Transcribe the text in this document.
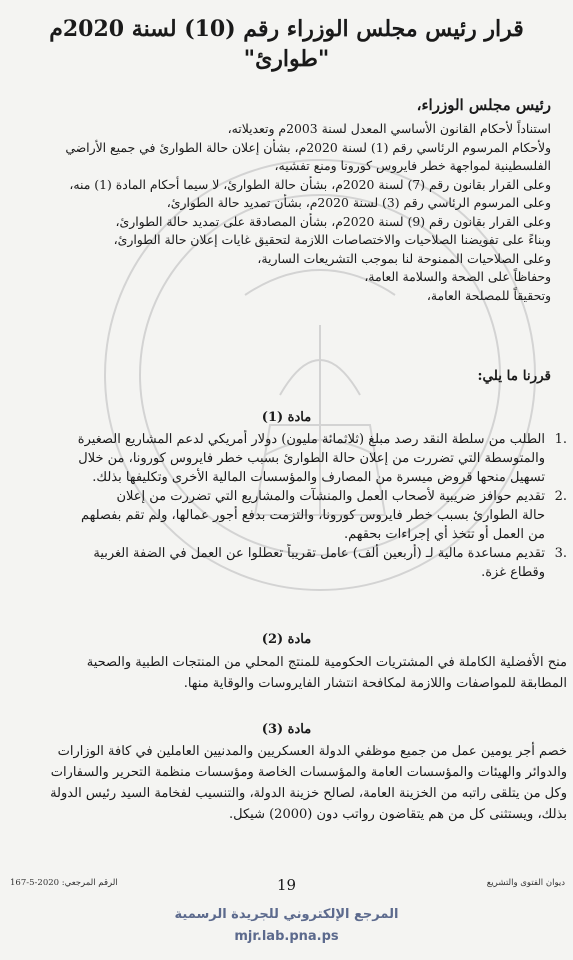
قرار رئيس مجلس الوزراء رقم (10) لسنة 2020م
"طوارئ"
رئيس مجلس الوزراء،
استناداً لأحكام القانون الأساسي المعدل لسنة 2003م وتعديلاته،
ولأحكام المرسوم الرئاسي رقم (1) لسنة 2020م، بشأن إعلان حالة الطوارئ في جميع الأراضي
الفلسطينية لمواجهة خطر فايروس كورونا ومنع تفشيه،
وعلى القرار بقانون رقم (7) لسنة 2020م، بشأن حالة الطوارئ، لا سيما أحكام المادة (1) منه،
وعلى المرسوم الرئاسي رقم (3) لسنة 2020م، بشأن تمديد حالة الطوارئ،
وعلى القرار بقانون رقم (9) لسنة 2020م، بشأن المصادقة على تمديد حالة الطوارئ،
وبناءً على تفويضنا الصلاحيات والاختصاصات اللازمة لتحقيق غايات إعلان حالة الطوارئ،
وعلى الصلاحيات الممنوحة لنا بموجب التشريعات السارية،
وحفاظاً على الصحة والسلامة العامة،
وتحقيقاً للمصلحة العامة،
قررنا ما يلي:
مادة (1)
.1
الطلب من سلطة النقد رصد مبلغ (ثلاثمائة مليون) دولار أمريكي لدعم المشاريع الصغيرة
والمتوسطة التي تضررت من إعلان حالة الطوارئ بسبب خطر فايروس كورونا، من خلال
تسهيل منحها قروض ميسرة من المصارف والمؤسسات المالية الأخرى وتكليفها بذلك.
.2
تقديم حوافز ضريبية لأصحاب العمل والمنشآت والمشاريع التي تضررت من إعلان
حالة الطوارئ بسبب خطر فايروس كورونا، والتزمت بدفع أجور عمالها، ولم تقم بفصلهم
من العمل أو تتخذ أي إجراءات بحقهم.
.3
تقديم مساعدة مالية لـ (أربعين ألف) عامل تقريباً تعطلوا عن العمل في الضفة الغربية
وقطاع غزة.
مادة (2)
منح الأفضلية الكاملة في المشتريات الحكومية للمنتج المحلي من المنتجات الطبية والصحية
المطابقة للمواصفات واللازمة لمكافحة انتشار الفايروسات والوقاية منها.
مادة (3)
خصم أجر يومين عمل من جميع موظفي الدولة العسكريين والمدنيين العاملين في كافة الوزارات
والدوائر والهيئات والمؤسسات العامة والمؤسسات الخاصة ومؤسسات منظمة التحرير والسفارات
وكل من يتلقى راتبه من الخزينة العامة، لصالح خزينة الدولة، والتنسيب لفخامة السيد رئيس الدولة
بذلك، ويستثنى كل من هم يتقاضون رواتب دون (2000) شيكل.
ديوان الفتوى والتشريع
19
الرقم المرجعي: 2020-5-167
المرجع الإلكتروني للجريدة الرسمية
mjr.lab.pna.ps
